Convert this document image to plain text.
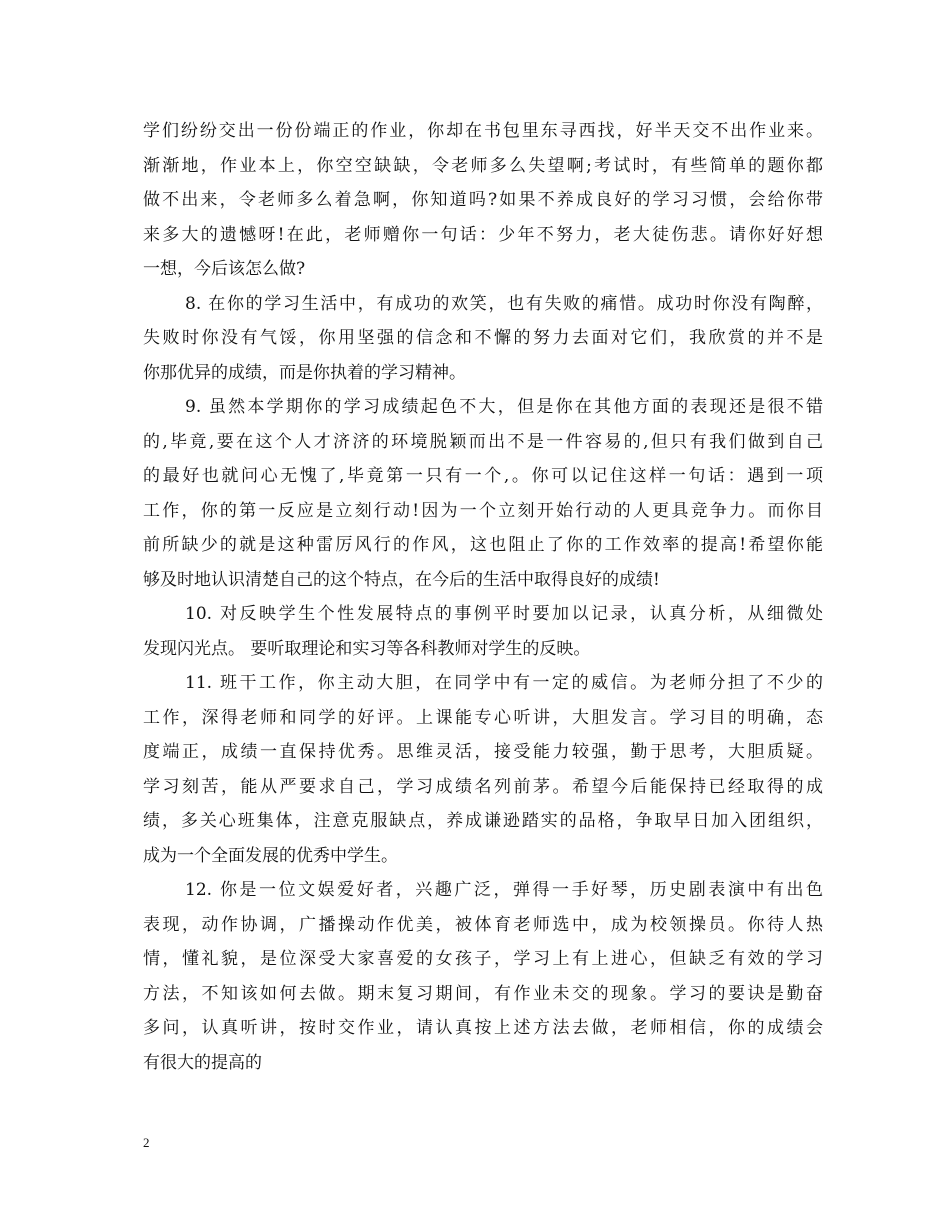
学们纷纷交出一份份端正的作业，你却在书包里东寻西找，好半天交不出作业来。
渐渐地，作业本上，你空空缺缺，令老师多么失望啊;考试时，有些简单的题你都
做不出来，令老师多么着急啊，你知道吗?如果不养成良好的学习习惯，会给你带
来多大的遗憾呀!在此，老师赠你一句话：少年不努力，老大徒伤悲。请你好好想
一想，今后该怎么做?
8. 在你的学习生活中，有成功的欢笑，也有失败的痛惜。成功时你没有陶醉，
失败时你没有气馁，你用坚强的信念和不懈的努力去面对它们，我欣赏的并不是
你那优异的成绩，而是你执着的学习精神。
9. 虽然本学期你的学习成绩起色不大，但是你在其他方面的表现还是很不错
的,毕竟,要在这个人才济济的环境脱颖而出不是一件容易的,但只有我们做到自己
的最好也就问心无愧了,毕竟第一只有一个,。你可以记住这样一句话：遇到一项
工作，你的第一反应是立刻行动!因为一个立刻开始行动的人更具竞争力。而你目
前所缺少的就是这种雷厉风行的作风，这也阻止了你的工作效率的提高!希望你能
够及时地认识清楚自己的这个特点，在今后的生活中取得良好的成绩!
10. 对反映学生个性发展特点的事例平时要加以记录，认真分析，从细微处
发现闪光点。 要听取理论和实习等各科教师对学生的反映。
11. 班干工作，你主动大胆，在同学中有一定的威信。为老师分担了不少的
工作，深得老师和同学的好评。上课能专心听讲，大胆发言。学习目的明确，态
度端正，成绩一直保持优秀。思维灵活，接受能力较强，勤于思考，大胆质疑。
学习刻苦，能从严要求自己，学习成绩名列前茅。希望今后能保持已经取得的成
绩，多关心班集体，注意克服缺点，养成谦逊踏实的品格，争取早日加入团组织，
成为一个全面发展的优秀中学生。
12. 你是一位文娱爱好者，兴趣广泛，弹得一手好琴，历史剧表演中有出色
表现，动作协调，广播操动作优美，被体育老师选中，成为校领操员。你待人热
情，懂礼貌，是位深受大家喜爱的女孩子，学习上有上进心，但缺乏有效的学习
方法，不知该如何去做。期末复习期间，有作业未交的现象。学习的要诀是勤奋
多问，认真听讲，按时交作业，请认真按上述方法去做，老师相信，你的成绩会
有很大的提高的
2
